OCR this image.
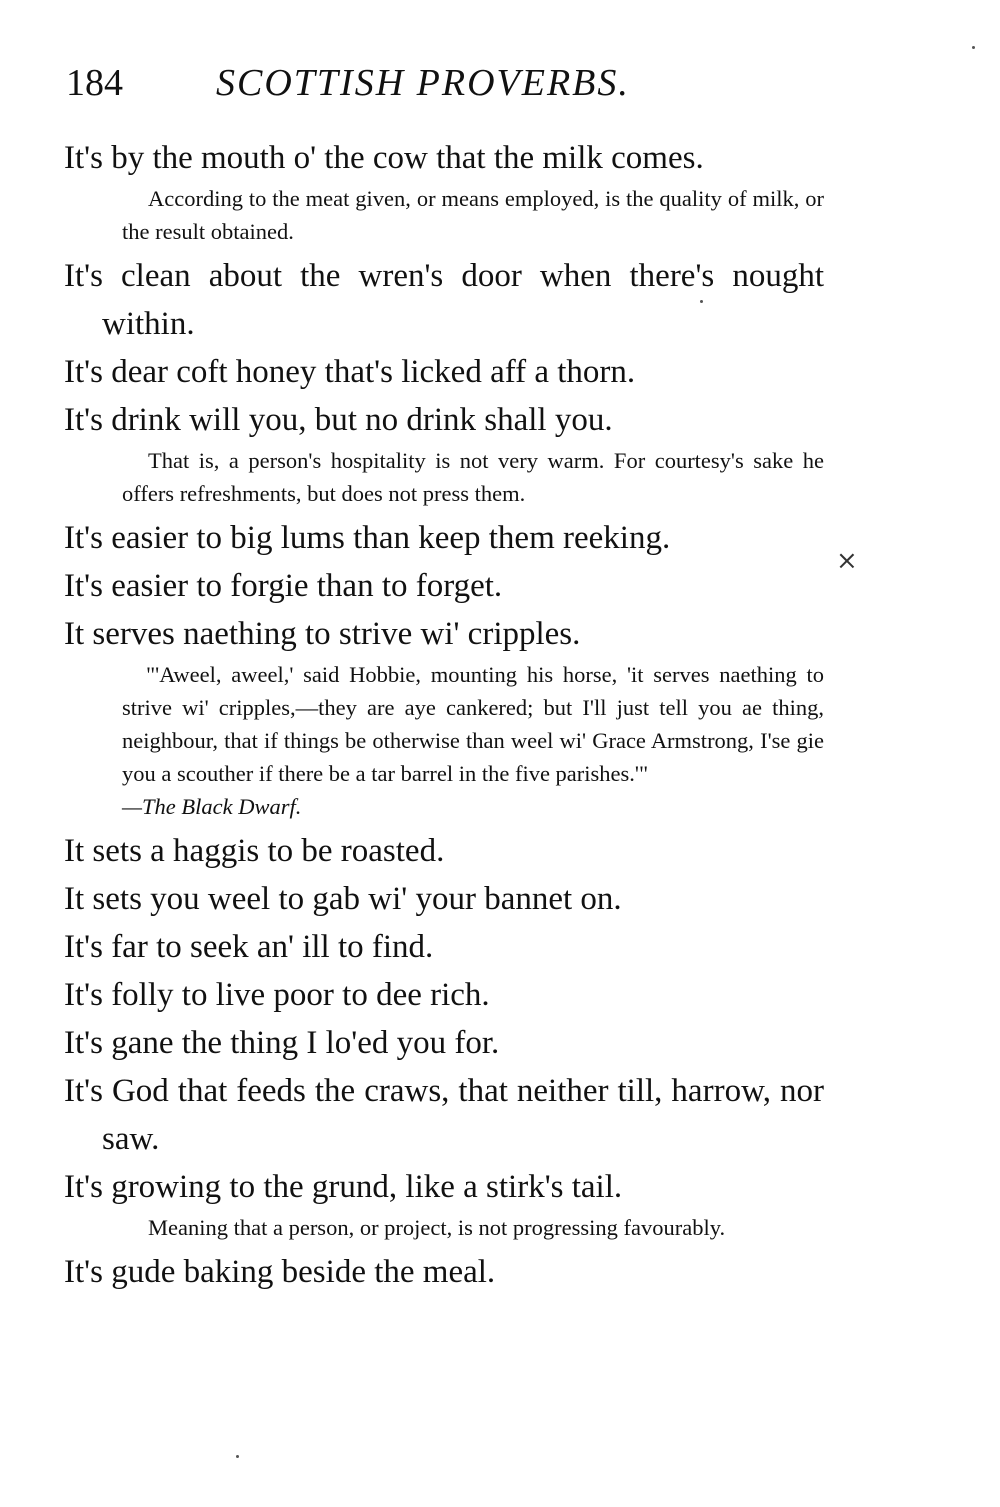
184 SCOTTISH PROVERBS.

It's by the mouth o' the cow that the milk comes.

According to the meat given, or means employed, is the quality of milk, or the result obtained.

It's clean about the wren's door when there's nought within.

It's dear coft honey that's licked aff a thorn.

It's drink will you, but no drink shall you.

That is, a person's hospitality is not very warm. For courtesy's sake he offers refreshments, but does not press them.

It's easier to big lums than keep them reeking.

It's easier to forgie than to forget.

It serves naething to strive wi' cripples.

"'Aweel, aweel,' said Hobbie, mounting his horse, 'it serves naething to strive wi' cripples,—they are aye cankered; but I'll just tell you ae thing, neighbour, that if things be otherwise than weel wi' Grace Armstrong, I'se gie you a scouther if there be a tar barrel in the five parishes.'"
—The Black Dwarf.

It sets a haggis to be roasted.

It sets you weel to gab wi' your bannet on.

It's far to seek an' ill to find.

It's folly to live poor to dee rich.

It's gane the thing I lo'ed you for.

It's God that feeds the craws, that neither till, harrow, nor saw.

It's growing to the grund, like a stirk's tail.

Meaning that a person, or project, is not progressing favourably.

It's gude baking beside the meal.

⨯
